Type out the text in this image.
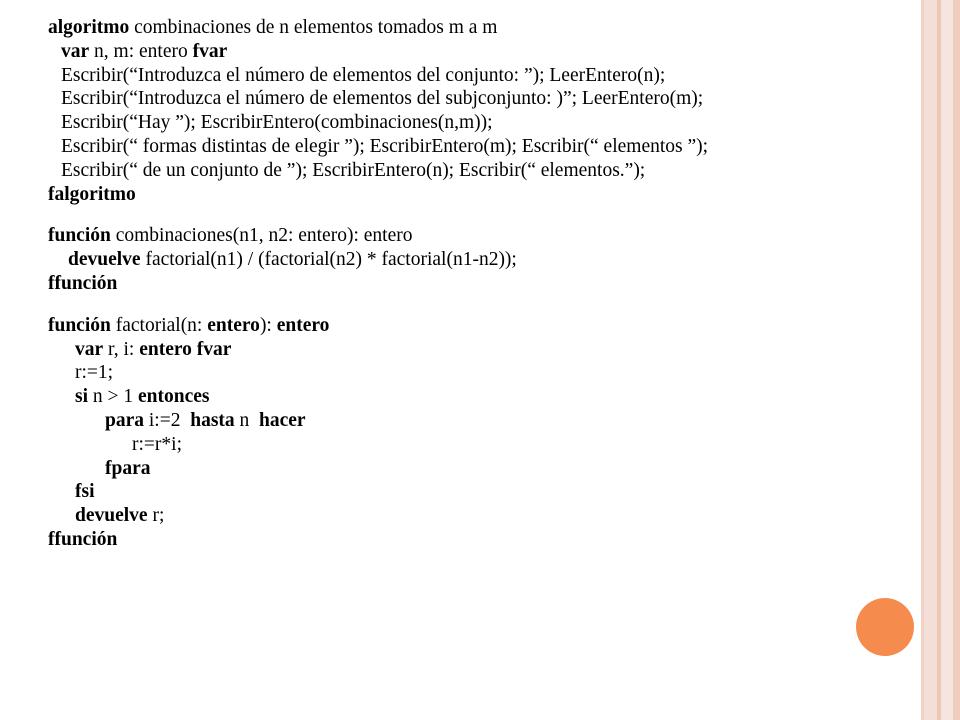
algoritmo combinaciones de n elementos tomados m a m
var n, m: entero fvar
Escribir(“Introduzca el número de elementos del conjunto: ”); LeerEntero(n);
Escribir(“Introduzca el número de elementos del subjconjunto: )”; LeerEntero(m);
Escribir(“Hay ”); EscribirEntero(combinaciones(n,m));
Escribir(“ formas distintas de elegir ”); EscribirEntero(m); Escribir(“ elementos ”);
Escribir(“ de un conjunto de ”); EscribirEntero(n); Escribir(“ elementos.”);
falgoritmo
función combinaciones(n1, n2: entero): entero
devuelve factorial(n1) / (factorial(n2) * factorial(n1-n2));
ffunción
función factorial(n: entero): entero
var r, i: entero fvar
r:=1;
si n > 1 entonces
para i:=2  hasta n  hacer
r:=r*i;
fpara
fsi
devuelve r;
ffunción
